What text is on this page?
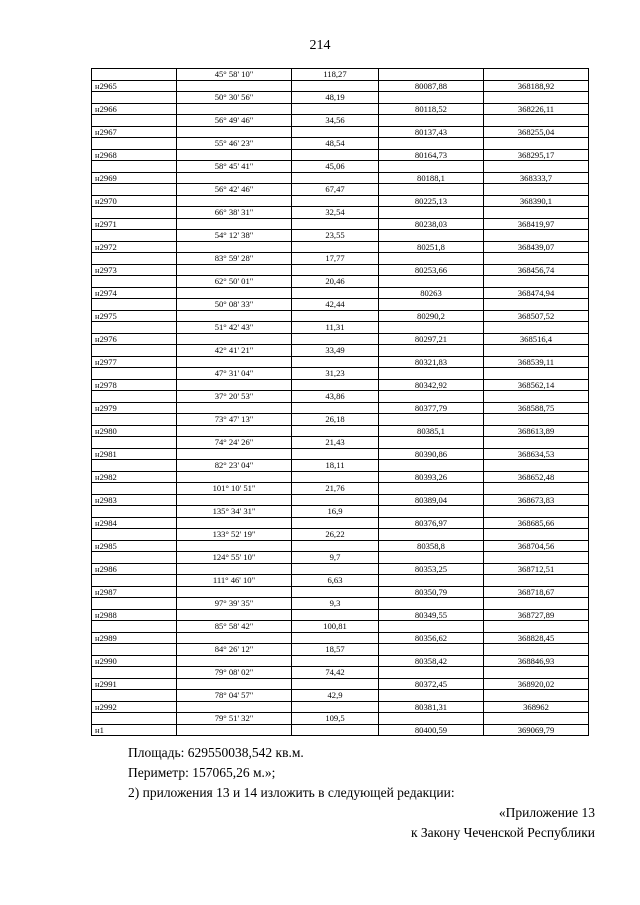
214
	45° 58' 10"	118,27		
н2965			80087,88	368188,92
	50° 30' 56"	48,19		
н2966			80118,52	368226,11
	56° 49' 46"	34,56		
н2967			80137,43	368255,04
	55° 46' 23"	48,54		
н2968			80164,73	368295,17
	58° 45' 41"	45,06		
н2969			80188,1	368333,7
	56° 42' 46"	67,47		
н2970			80225,13	368390,1
	66° 38' 31"	32,54		
н2971			80238,03	368419,97
	54° 12' 38"	23,55		
н2972			80251,8	368439,07
	83° 59' 28"	17,77		
н2973			80253,66	368456,74
	62° 50' 01"	20,46		
н2974			80263	368474,94
	50° 08' 33"	42,44		
н2975			80290,2	368507,52
	51° 42' 43"	11,31		
н2976			80297,21	368516,4
	42° 41' 21"	33,49		
н2977			80321,83	368539,11
	47° 31' 04"	31,23		
н2978			80342,92	368562,14
	37° 20' 53"	43,86		
н2979			80377,79	368588,75
	73° 47' 13"	26,18		
н2980			80385,1	368613,89
	74° 24' 26"	21,43		
н2981			80390,86	368634,53
	82° 23' 04"	18,11		
н2982			80393,26	368652,48
	101° 10' 51"	21,76		
н2983			80389,04	368673,83
	135° 34' 31"	16,9		
н2984			80376,97	368685,66
	133° 52' 19"	26,22		
н2985			80358,8	368704,56
	124° 55' 10"	9,7		
н2986			80353,25	368712,51
	111° 46' 10"	6,63		
н2987			80350,79	368718,67
	97° 39' 35"	9,3		
н2988			80349,55	368727,89
	85° 58' 42"	100,81		
н2989			80356,62	368828,45
	84° 26' 12"	18,57		
н2990			80358,42	368846,93
	79° 08' 02"	74,42		
н2991			80372,45	368920,02
	78° 04' 57"	42,9		
н2992			80381,31	368962
	79° 51' 32"	109,5		
н1			80400,59	369069,79
Площадь: 629550038,542 кв.м.
Периметр: 157065,26 м.»;
2) приложения 13 и 14 изложить в следующей редакции:
«Приложение 13
к Закону Чеченской Республики
